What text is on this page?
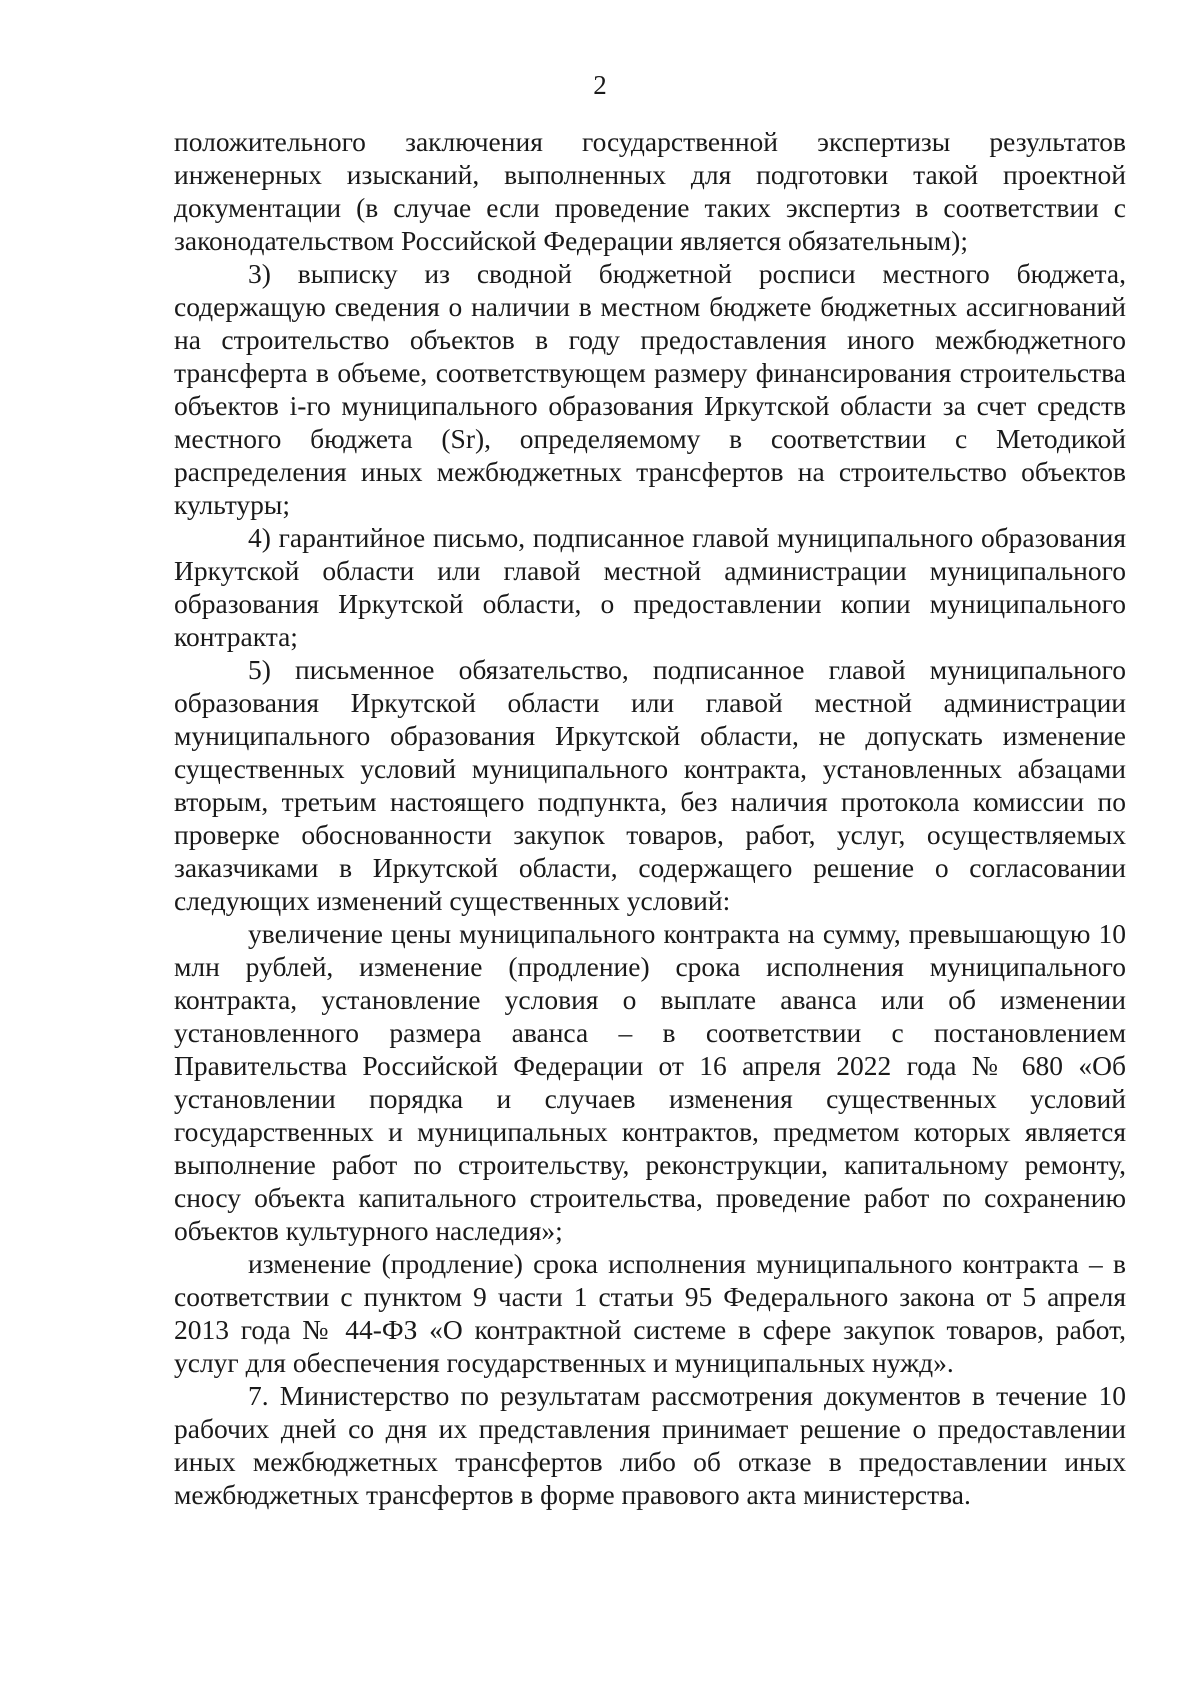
2

положительного заключения государственной экспертизы результатов инженерных изысканий, выполненных для подготовки такой проектной документации (в случае если проведение таких экспертиз в соответствии с законодательством Российской Федерации является обязательным);

3) выписку из сводной бюджетной росписи местного бюджета, содержащую сведения о наличии в местном бюджете бюджетных ассигнований на строительство объектов в году предоставления иного межбюджетного трансферта в объеме, соответствующем размеру финансирования строительства объектов i-го муниципального образования Иркутской области за счет средств местного бюджета (Sr), определяемому в соответствии с Методикой распределения иных межбюджетных трансфертов на строительство объектов культуры;

4) гарантийное письмо, подписанное главой муниципального образования Иркутской области или главой местной администрации муниципального образования Иркутской области, о предоставлении копии муниципального контракта;

5) письменное обязательство, подписанное главой муниципального образования Иркутской области или главой местной администрации муниципального образования Иркутской области, не допускать изменение существенных условий муниципального контракта, установленных абзацами вторым, третьим настоящего подпункта, без наличия протокола комиссии по проверке обоснованности закупок товаров, работ, услуг, осуществляемых заказчиками в Иркутской области, содержащего решение о согласовании следующих изменений существенных условий:

увеличение цены муниципального контракта на сумму, превышающую 10 млн рублей, изменение (продление) срока исполнения муниципального контракта, установление условия о выплате аванса или об изменении установленного размера аванса – в соответствии с постановлением Правительства Российской Федерации от 16 апреля 2022 года № 680 «Об установлении порядка и случаев изменения существенных условий государственных и муниципальных контрактов, предметом которых является выполнение работ по строительству, реконструкции, капитальному ремонту, сносу объекта капитального строительства, проведение работ по сохранению объектов культурного наследия»;

изменение (продление) срока исполнения муниципального контракта – в соответствии с пунктом 9 части 1 статьи 95 Федерального закона от 5 апреля 2013 года № 44-ФЗ «О контрактной системе в сфере закупок товаров, работ, услуг для обеспечения государственных и муниципальных нужд».

7. Министерство по результатам рассмотрения документов в течение 10 рабочих дней со дня их представления принимает решение о предоставлении иных межбюджетных трансфертов либо об отказе в предоставлении иных межбюджетных трансфертов в форме правового акта министерства.
